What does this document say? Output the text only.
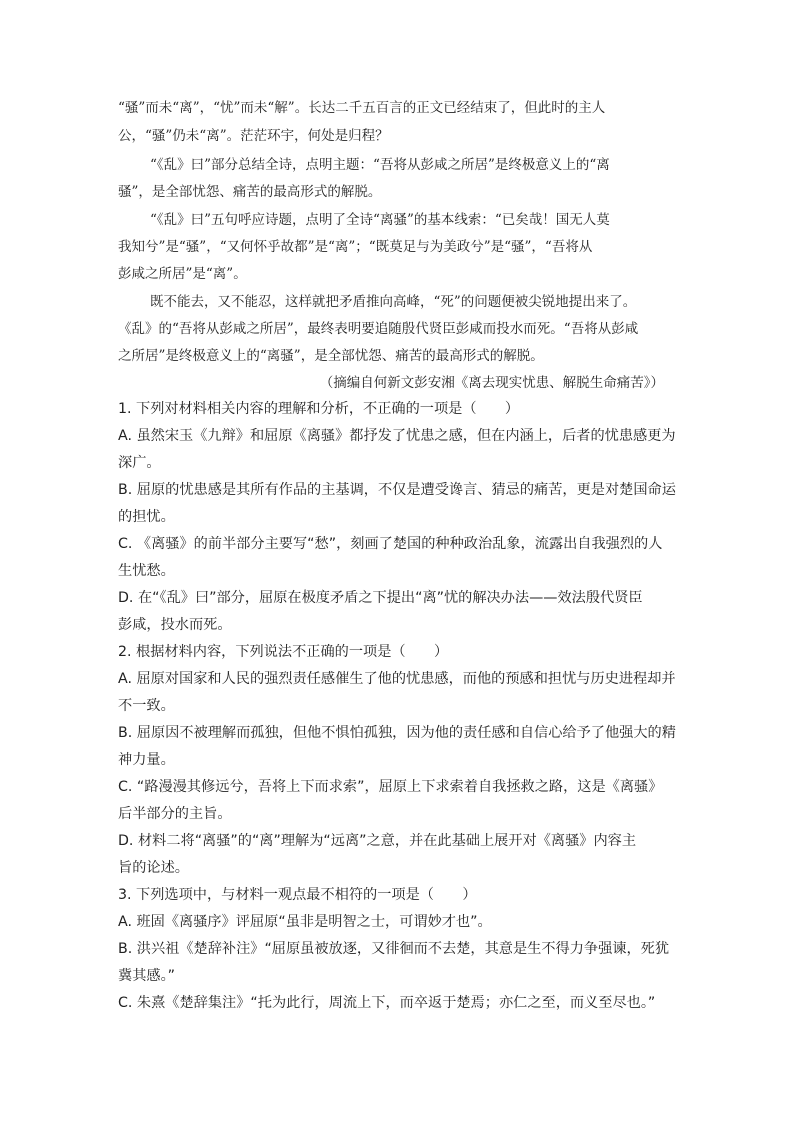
“骚”而未“离”，“忧”而未“解”。长达二千五百言的正文已经结束了，但此时的主人
公，“骚”仍未“离”。茫茫环宇，何处是归程？
“《乱》曰”部分总结全诗，点明主题：“吾将从彭咸之所居”是终极意义上的“离
骚”，是全部忧怨、痛苦的最高形式的解脱。
“《乱》曰”五句呼应诗题，点明了全诗“离骚”的基本线索：“已矣哉！国无人莫
我知兮”是“骚”，“又何怀乎故都”是“离”；“既莫足与为美政兮”是“骚”，“吾将从
彭咸之所居”是“离”。
既不能去，又不能忍，这样就把矛盾推向高峰，“死”的问题便被尖锐地提出来了。
《乱》的“吾将从彭咸之所居”，最终表明要追随殷代贤臣彭咸而投水而死。“吾将从彭咸
之所居”是终极意义上的“离骚”，是全部忧怨、痛苦的最高形式的解脱。
（摘编自何新文彭安湘《离去现实忧患、解脱生命痛苦》）
1. 下列对材料相关内容的理解和分析，不正确的一项是（　　）
A. 虽然宋玉《九辩》和屈原《离骚》都抒发了忧患之感，但在内涵上，后者的忧患感更为
深广。
B. 屈原的忧患感是其所有作品的主基调，不仅是遭受谗言、猜忌的痛苦，更是对楚国命运
的担忧。
C. 《离骚》的前半部分主要写“愁”，刻画了楚国的种种政治乱象，流露出自我强烈的人
生忧愁。
D. 在“《乱》曰”部分，屈原在极度矛盾之下提出“离”忧的解决办法——效法殷代贤臣
彭咸，投水而死。
2. 根据材料内容，下列说法不正确的一项是（　　）
A. 屈原对国家和人民的强烈责任感催生了他的忧患感，而他的预感和担忧与历史进程却并
不一致。
B. 屈原因不被理解而孤独，但他不惧怕孤独，因为他的责任感和自信心给予了他强大的精
神力量。
C. “路漫漫其修远兮，吾将上下而求索”，屈原上下求索着自我拯救之路，这是《离骚》
后半部分的主旨。
D. 材料二将“离骚”的“离”理解为“远离”之意，并在此基础上展开对《离骚》内容主
旨的论述。
3. 下列选项中，与材料一观点最不相符的一项是（　　）
A. 班固《离骚序》评屈原“虽非是明智之士，可谓妙才也”。
B. 洪兴祖《楚辞补注》“屈原虽被放逐，又徘徊而不去楚，其意是生不得力争强谏，死犹
冀其感。”
C. 朱熹《楚辞集注》“托为此行，周流上下，而卒返于楚焉；亦仁之至，而义至尽也。”
